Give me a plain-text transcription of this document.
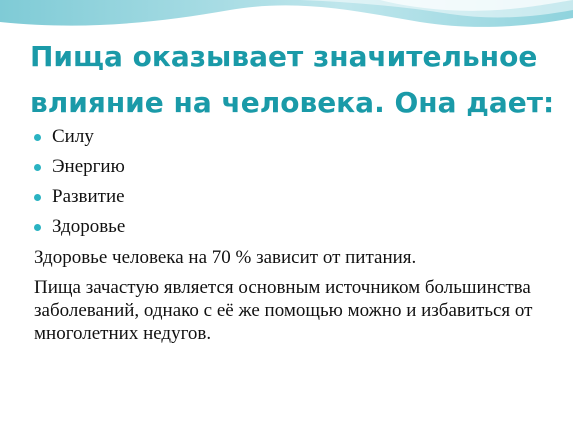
Пища оказывает значительное
влияние на человека. Она дает:
Силу
Энергию
Развитие
Здоровье

Здоровье человека на 70 % зависит от питания.

Пища зачастую является основным источником большинства заболеваний, однако с её же помощью можно и избавиться от многолетних недугов.
